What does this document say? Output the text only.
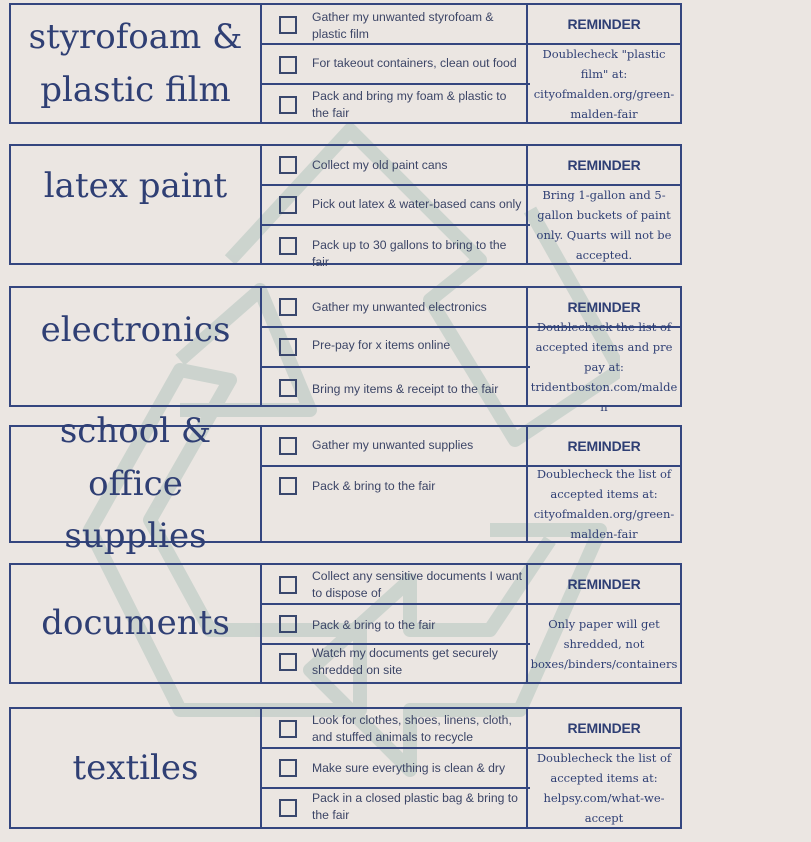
styrofoam & plastic film
Gather my unwanted styrofoam & plastic film
For takeout containers, clean out food
Pack and bring my foam & plastic to the fair
REMINDER
Doublecheck "plastic film" at: cityofmalden.org/green-malden-fair
latex paint
Collect my old paint cans
Pick out latex & water-based cans only
Pack up to 30 gallons to bring to the fair
REMINDER
Bring 1-gallon and 5-gallon buckets of paint only. Quarts will not be accepted.
electronics
Gather my unwanted electronics
Pre-pay for x items online
Bring my items & receipt to the fair
REMINDER
Doublecheck the list of accepted items and pre pay at: tridentboston.com/malden
school & office supplies
Gather my unwanted supplies
Pack & bring to the fair
REMINDER
Doublecheck the list of accepted items at: cityofmalden.org/green-malden-fair
documents
Collect any sensitive documents I want to dispose of
Pack & bring to the fair
Watch my documents get securely shredded on site
REMINDER
Only paper will get shredded, not boxes/binders/containers
textiles
Look for clothes, shoes, linens, cloth, and stuffed animals to recycle
Make sure everything is clean & dry
Pack in a closed plastic bag & bring to the fair
REMINDER
Doublecheck the list of accepted items at: helpsy.com/what-we-accept
